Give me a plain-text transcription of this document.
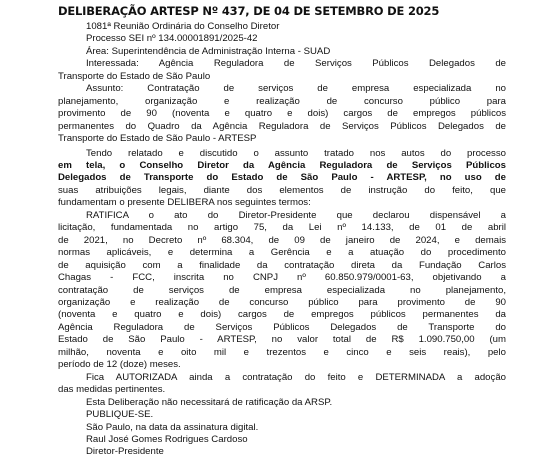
DELIBERAÇÃO ARTESP Nº 437, DE 04 DE SETEMBRO DE 2025
1081ª Reunião Ordinária do Conselho Diretor
Processo SEI nº 134.00001891/2025-42
Área: Superintendência de Administração Interna - SUAD
Interessada: Agência Reguladora de Serviços Públicos Delegados de
Transporte do Estado de São Paulo
Assunto: Contratação de serviços de empresa especializada no
planejamento, organização e realização de concurso público para
provimento de 90 (noventa e quatro e dois) cargos de empregos públicos
permanentes do Quadro da Agência Reguladora de Serviços Públicos Delegados de
Transporte do Estado de São Paulo - ARTESP
Tendo relatado e discutido o assunto tratado nos autos do processo
em tela, o Conselho Diretor da Agência Reguladora de Serviços Públicos
Delegados de Transporte do Estado de São Paulo - ARTESP, no uso de
suas atribuições legais, diante dos elementos de instrução do feito, que
fundamentam o presente DELIBERA nos seguintes termos:
RATIFICA o ato do Diretor-Presidente que declarou dispensável a
licitação, fundamentada no artigo 75, da Lei nº 14.133, de 01 de abril
de 2021, no Decreto nº 68.304, de 09 de janeiro de 2024, e demais
normas aplicáveis, e determina a Gerência e a atuação do procedimento
de aquisição com a finalidade da contratação direta da Fundação Carlos
Chagas - FCC, inscrita no CNPJ nº 60.850.979/0001-63, objetivando a
contratação de serviços de empresa especializada no planejamento,
organização e realização de concurso público para provimento de 90
(noventa e quatro e dois) cargos de empregos públicos permanentes da
Agência Reguladora de Serviços Públicos Delegados de Transporte do
Estado de São Paulo - ARTESP, no valor total de R$ 1.090.750,00 (um
milhão, noventa e oito mil e trezentos e cinco e seis reais), pelo
período de 12 (doze) meses.
Fica AUTORIZADA ainda a contratação do feito e DETERMINADA a adoção
das medidas pertinentes.
Esta Deliberação não necessitará de ratificação da ARSP.
PUBLIQUE-SE.
São Paulo, na data da assinatura digital.
Raul José Gomes Rodrigues Cardoso
Diretor-Presidente
